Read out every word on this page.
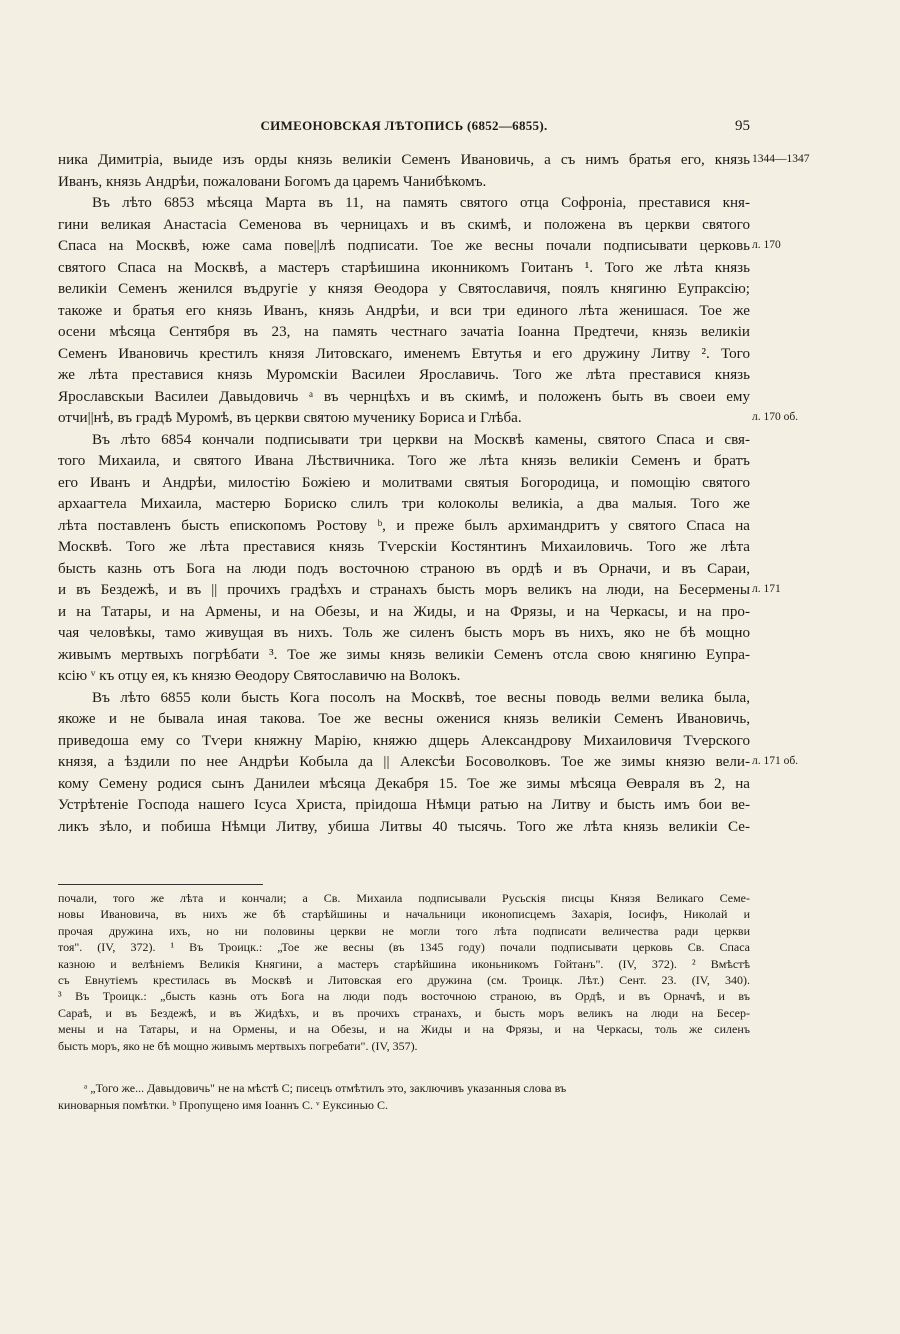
СИМЕОНОВСКАЯ ЛѢТОПИСЬ (6852—6855).	95
ника Димитріа, выиде изъ орды князь великіи Семенъ Ивановичь, а съ нимъ братья его, князь
Иванъ, князь Андрѣи, пожаловани Богомъ да царемъ Чанибѣкомъ.
Въ лѣто 6853 мѣсяца Марта въ 11, на память святого отца Софроніа, преставися кня-
гини великая Анастасіа Семенова въ черницахъ и въ скимѣ, и положена въ церкви святого
Спаса на Москвѣ, юже сама пове||лѣ подписати. Тое же весны почали подписывати церковь
святого Спаса на Москвѣ, а мастеръ старѣишина иконникомъ Гоитанъ ¹. Того же лѣта князь
великіи Семенъ женился въдругіе у князя Өеодора у Святославичя, поялъ княгиню Еупраксію;
такоже и братья его князь Иванъ, князь Андрѣи, и вси три единого лѣта женишася. Тое же
осени мѣсяца Сентября въ 23, на память честнаго зачатіа Іоанна Предтечи, князь великіи
Семенъ Ивановичь крестилъ князя Литовскаго, именемъ Евтутья и его дружину Литву ². Того
же лѣта преставися князь Муромскіи Василеи Ярославичь. Того же лѣта преставися князь
Ярославскыи Василеи Давыдовичь ᵃ въ чернцѣхъ и въ скимѣ, и положенъ быть въ своеи ему
отчи||нѣ, въ градѣ Муромѣ, въ церкви святою мученику Бориса и Глѣба.
Въ лѣто 6854 кончали подписывати три церкви на Москвѣ камены, святого Спаса и свя-
того Михаила, и святого Ивана Лѣствичника. Того же лѣта князь великіи Семенъ и братъ
его Иванъ и Андрѣи, милостію Божіею и молитвами святыя Богородица, и помощію святого
архаагтела Михаила, мастерю Бориско слилъ три колоколы великіа, а два малыя. Того же
лѣта поставленъ бысть епископомъ Ростову ᵇ, и преже былъ архимандритъ у святого Спаса на
Москвѣ. Того же лѣта преставися князь Тѵерскіи Костянтинъ Михаиловичь. Того же лѣта
бысть казнь отъ Бога на люди подъ восточною страною въ ордѣ и въ Орначи, и въ Сараи,
и въ Бездежѣ, и въ || прочихъ градѣхъ и странахъ бысть моръ великъ на люди, на Бесермены
и на Татары, и на Армены, и на Обезы, и на Жиды, и на Фрязы, и на Черкасы, и на про-
чая человѣкы, тамо живущая въ нихъ. Толь же силенъ бысть моръ въ нихъ, яко не бѣ мощно
живымъ мертвыхъ погрѣбати ³. Тое же зимы князь великіи Семенъ отсла свою княгиню Еупра-
ксію ᵛ къ отцу ея, къ князю Өеодору Святославичю на Волокъ.
Въ лѣто 6855 коли бысть Кога посолъ на Москвѣ, тое весны поводь велми велика была,
якоже и не бывала иная такова. Тое же весны оженися князь великіи Семенъ Ивановичь,
приведоша ему со Тѵери княжну Марію, княжю дщерь Александрову Михаиловичя Тѵерского
князя, а ѣздили по нее Андрѣи Кобыла да || Алексѣи Босоволковъ. Тое же зимы князю вели-
кому Семену родися сынъ Данилеи мѣсяца Декабря 15. Тое же зимы мѣсяца Өевраля въ 2, на
Устрѣтеніе Господа нашего Ісуса Христа, пріидоша Нѣмци ратью на Литву и бысть имъ бои ве-
ликъ зѣло, и побиша Нѣмци Литву, убиша Литвы 40 тысячь. Того же лѣта князь великіи Се-
1344—1347
л. 170
л. 170 об.
л. 171
л. 171 об.
почали, того же лѣта и кончали; а Св. Михаила подписывали Русьскія писцы Князя Великаго Семе-
новы Ивановича, въ нихъ же бѣ старѣйшины и начальници иконописцемъ Захарія, Іосифъ, Николай и
прочая дружина ихъ, но ни половины церкви не могли того лѣта подписати величества ради церкви
тоя". (IV, 372). ¹ Въ Троицк.: „Тое же весны (въ 1345 году) почали подписывати церковь Св. Спаса
казною и велѣніемъ Великія Княгини, а мастеръ старѣйшина иконьникомъ Гойтанъ". (IV, 372). ² Вмѣстѣ
съ Евнутіемъ крестилась въ Москвѣ и Литовская его дружина (см. Троицк. Лѣт.) Сент. 23. (IV, 340).
³ Въ Троицк.: „бысть казнь отъ Бога на люди подъ восточною страною, въ Ордѣ, и въ Орначѣ, и въ
Сараѣ, и въ Бездежѣ, и въ Жидѣхъ, и въ прочихъ странахъ, и бысть моръ великъ на люди на Бесер-
мены и на Татары, и на Ормены, и на Обезы, и на Жиды и на Фрязы, и на Черкасы, толь же силенъ
бысть моръ, яко не бѣ мощно живымъ мертвыхъ погребати". (IV, 357).
ᵃ „Того же... Давыдовичь" не на мѣстѣ С; писецъ отмѣтилъ это, заключивъ указанныя слова въ
киноварныя помѣтки. ᵇ Пропущено имя Іоаннъ С. ᵛ Еуксинью С.
